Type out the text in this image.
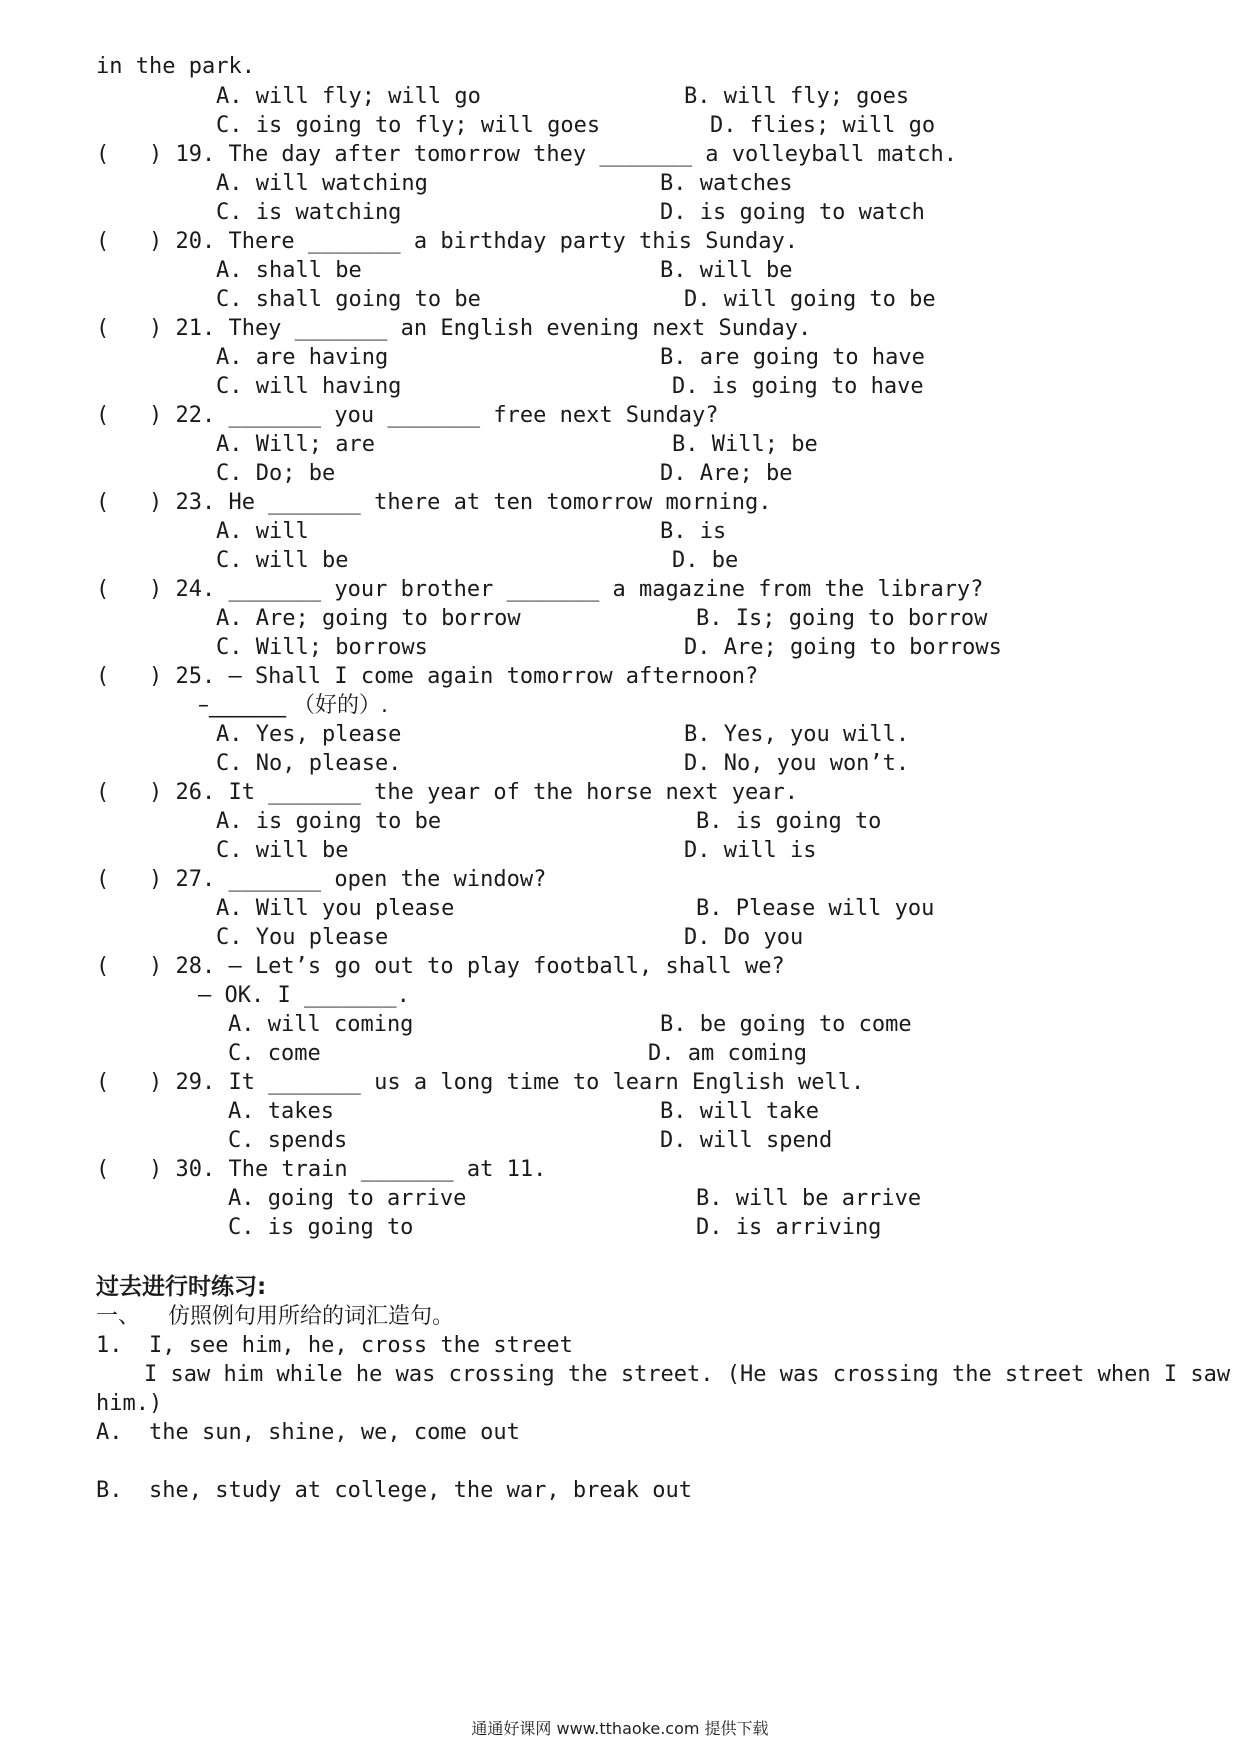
in the park.
A. will fly; will go	B. will fly; goes
C. is going to fly; will goes	D. flies; will go
(   ) 19. The day after tomorrow they _______ a volleyball match.
A. will watching	B. watches
C. is watching	D. is going to watch
(   ) 20. There _______ a birthday party this Sunday.
A. shall be	B. will be
C. shall going to be	D. will going to be
(   ) 21. They _______ an English evening next Sunday.
A. are having	B. are going to have
C. will having	D. is going to have
(   ) 22. _______ you _______ free next Sunday?
A. Will; are	B. Will; be
C. Do; be	D. Are; be
(   ) 23. He _______ there at ten tomorrow morning.
A. will	B. is
C. will be	D. be
(   ) 24. _______ your brother _______ a magazine from the library?
A. Are; going to borrow	B. Is; going to borrow
C. Will; borrows	D. Are; going to borrows
(   ) 25. – Shall I come again tomorrow afternoon?
–_______ （好的）.
A. Yes, please	B. Yes, you will.
C. No, please.	D. No, you won’t.
(   ) 26. It _______ the year of the horse next year.
A. is going to be	B. is going to
C. will be	D. will is
(   ) 27. _______ open the window?
A. Will you please	B. Please will you
C. You please	D. Do you
(   ) 28. – Let’s go out to play football, shall we?
– OK. I _______.
A. will coming	B. be going to come
C. come	D. am coming
(   ) 29. It _______ us a long time to learn English well.
A. takes	B. will take
C. spends	D. will spend
(   ) 30. The train _______ at 11.
A. going to arrive	B. will be arrive
C. is going to	D. is arriving
过去进行时练习:
一、    仿照例句用所给的词汇造句。
1.  I, see him, he, cross the street
I saw him while he was crossing the street. (He was crossing the street when I saw
him.)
A.  the sun, shine, we, come out
B.  she, study at college, the war, break out
通通好课网 www.tthaoke.com 提供下载
